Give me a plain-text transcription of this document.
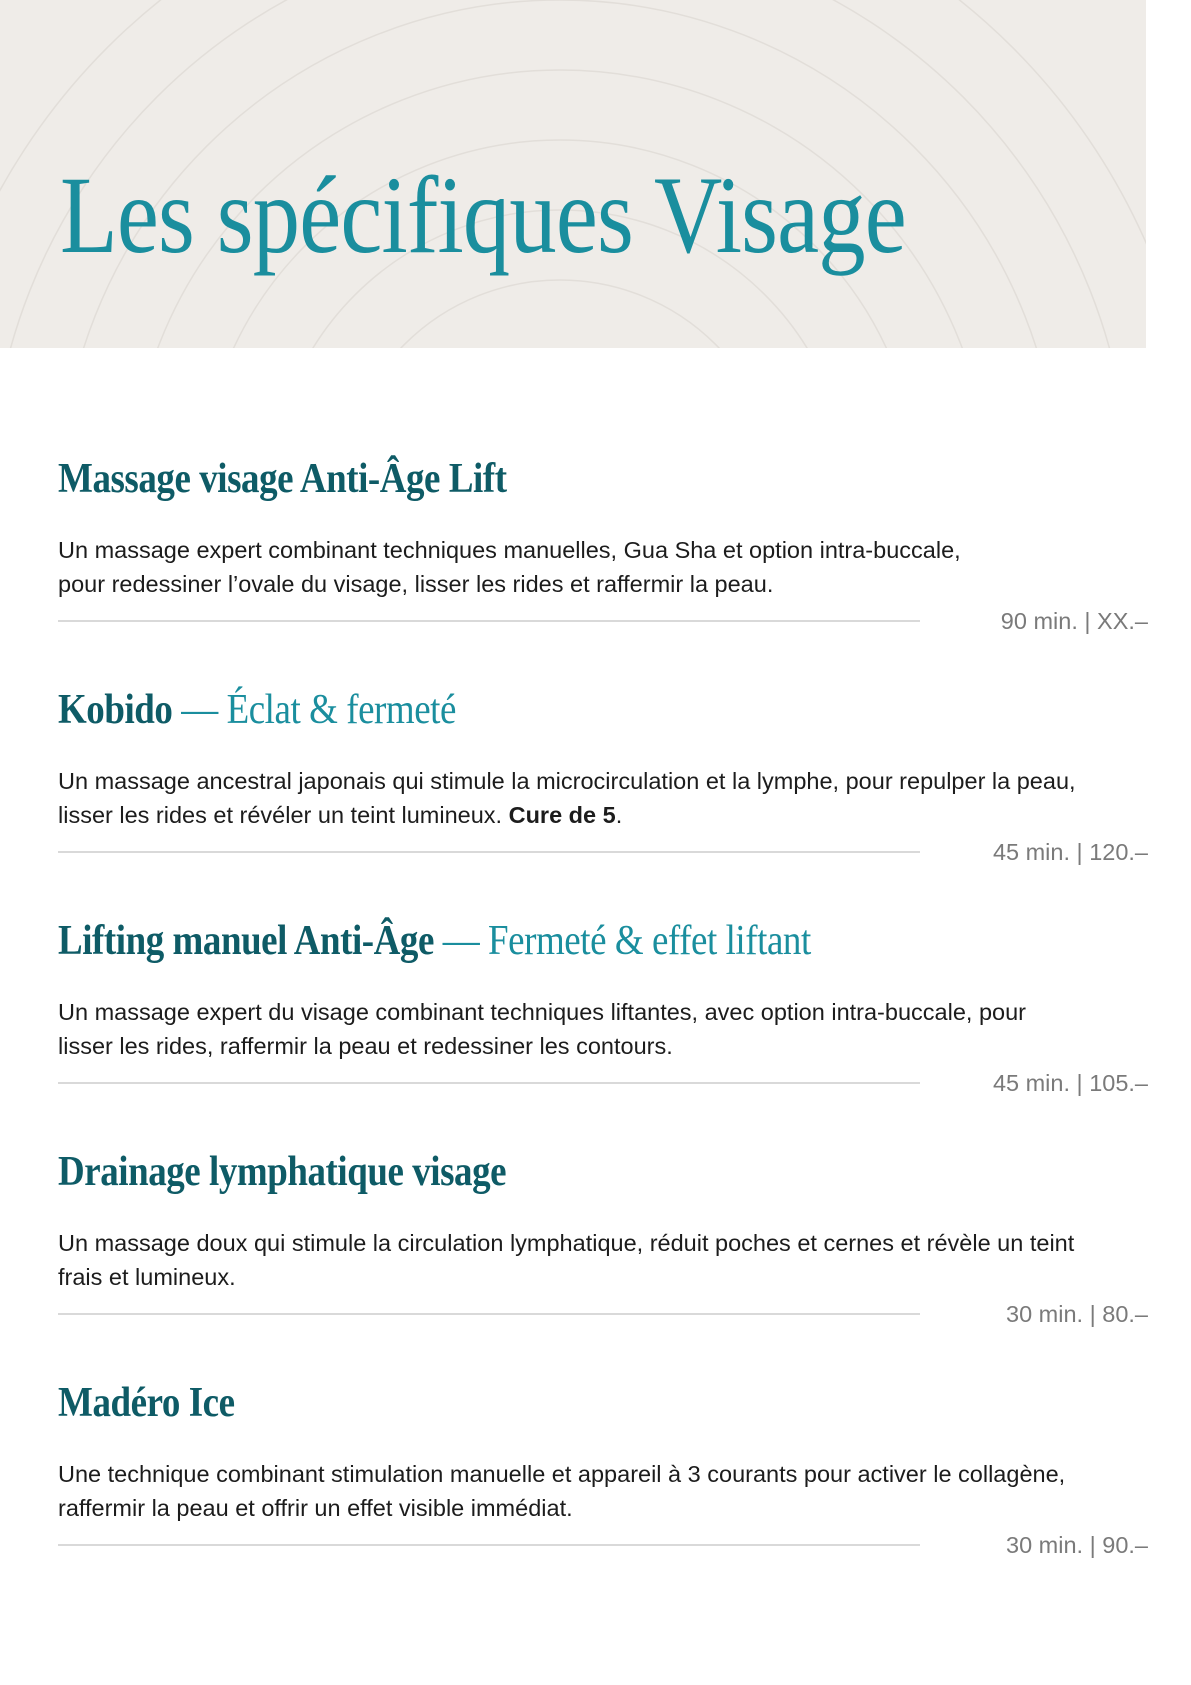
Les spécifiques Visage
Massage visage Anti-Âge Lift

Un massage expert combinant techniques manuelles, Gua Sha et option intra-buccale,
pour redessiner l’ovale du visage, lisser les rides et raffermir la peau.

90 min. | XX.–
Kobido — Éclat & fermeté

Un massage ancestral japonais qui stimule la microcirculation et la lymphe, pour repulper la peau,
lisser les rides et révéler un teint lumineux. Cure de 5.

45 min. | 120.–
Lifting manuel Anti-Âge — Fermeté & effet liftant

Un massage expert du visage combinant techniques liftantes, avec option intra-buccale, pour
lisser les rides, raffermir la peau et redessiner les contours.

45 min. | 105.–
Drainage lymphatique visage

Un massage doux qui stimule la circulation lymphatique, réduit poches et cernes et révèle un teint
frais et lumineux.

30 min. | 80.–
Madéro Ice

Une technique combinant stimulation manuelle et appareil à 3 courants pour activer le collagène,
raffermir la peau et offrir un effet visible immédiat.

30 min. | 90.–
